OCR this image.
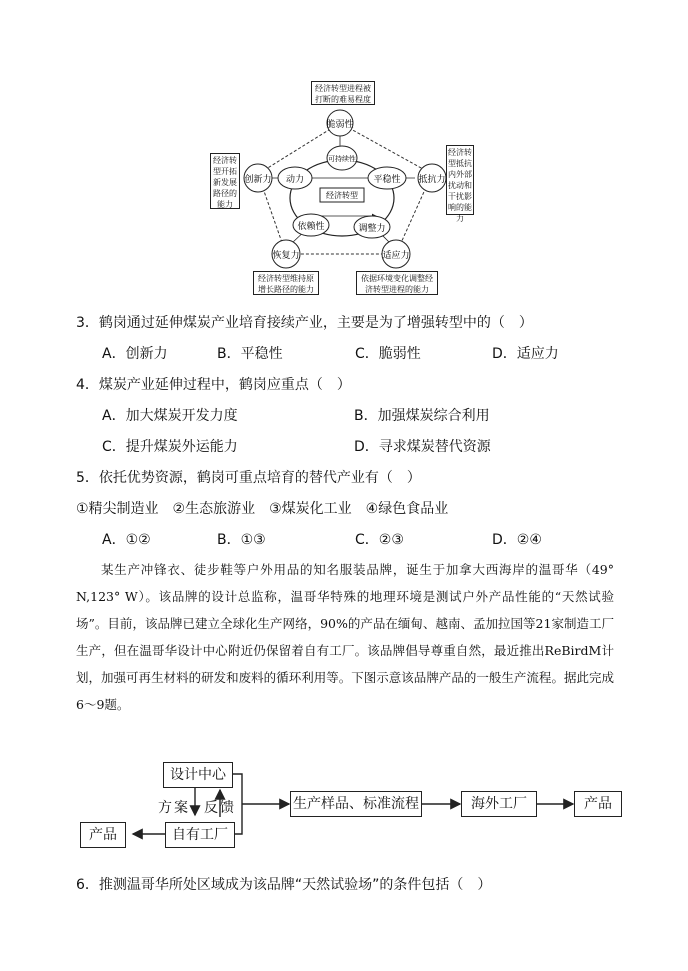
脆弱性
创新力	抵抗力
恢复力	适应力
动力	平稳性
依赖性	调整力
可持续性
经济转型
经济转型进程被打断的难易程度
经济转型开拓新发展路径的能力
经济转型抵抗内外部扰动和干扰影响的能力
经济转型维持原增长路径的能力
依据环境变化调整经济转型进程的能力
3．鹤岗通过延伸煤炭产业培育接续产业，主要是为了增强转型中的（　）
A．创新力	B．平稳性	C．脆弱性	D．适应力
4．煤炭产业延伸过程中，鹤岗应重点（　）
A．加大煤炭开发力度	B．加强煤炭综合利用
C．提升煤炭外运能力	D．寻求煤炭替代资源
5．依托优势资源，鹤岗可重点培育的替代产业有（　）
①精尖制造业　②生态旅游业　③煤炭化工业　④绿色食品业
A．①②	B．①③	C．②③	D．②④
某生产冲锋衣、徒步鞋等户外用品的知名服装品牌，诞生于加拿大西海岸的温哥华（49° N,123° W）。该品牌的设计总监称，温哥华特殊的地理环境是测试户外产品性能的“天然试验场”。目前，该品牌已建立全球化生产网络，90%的产品在缅甸、越南、孟加拉国等21家制造工厂生产，但在温哥华设计中心附近仍保留着自有工厂。该品牌倡导尊重自然，最近推出ReBirdM计划，加强可再生材料的研发和废料的循环利用等。下图示意该品牌产品的一般生产流程。据此完成6～9题。
设计中心
方案 反馈
自有工厂
产品
生产样品、标准流程	海外工厂	产品
6．推测温哥华所处区域成为该品牌“天然试验场”的条件包括（　）
